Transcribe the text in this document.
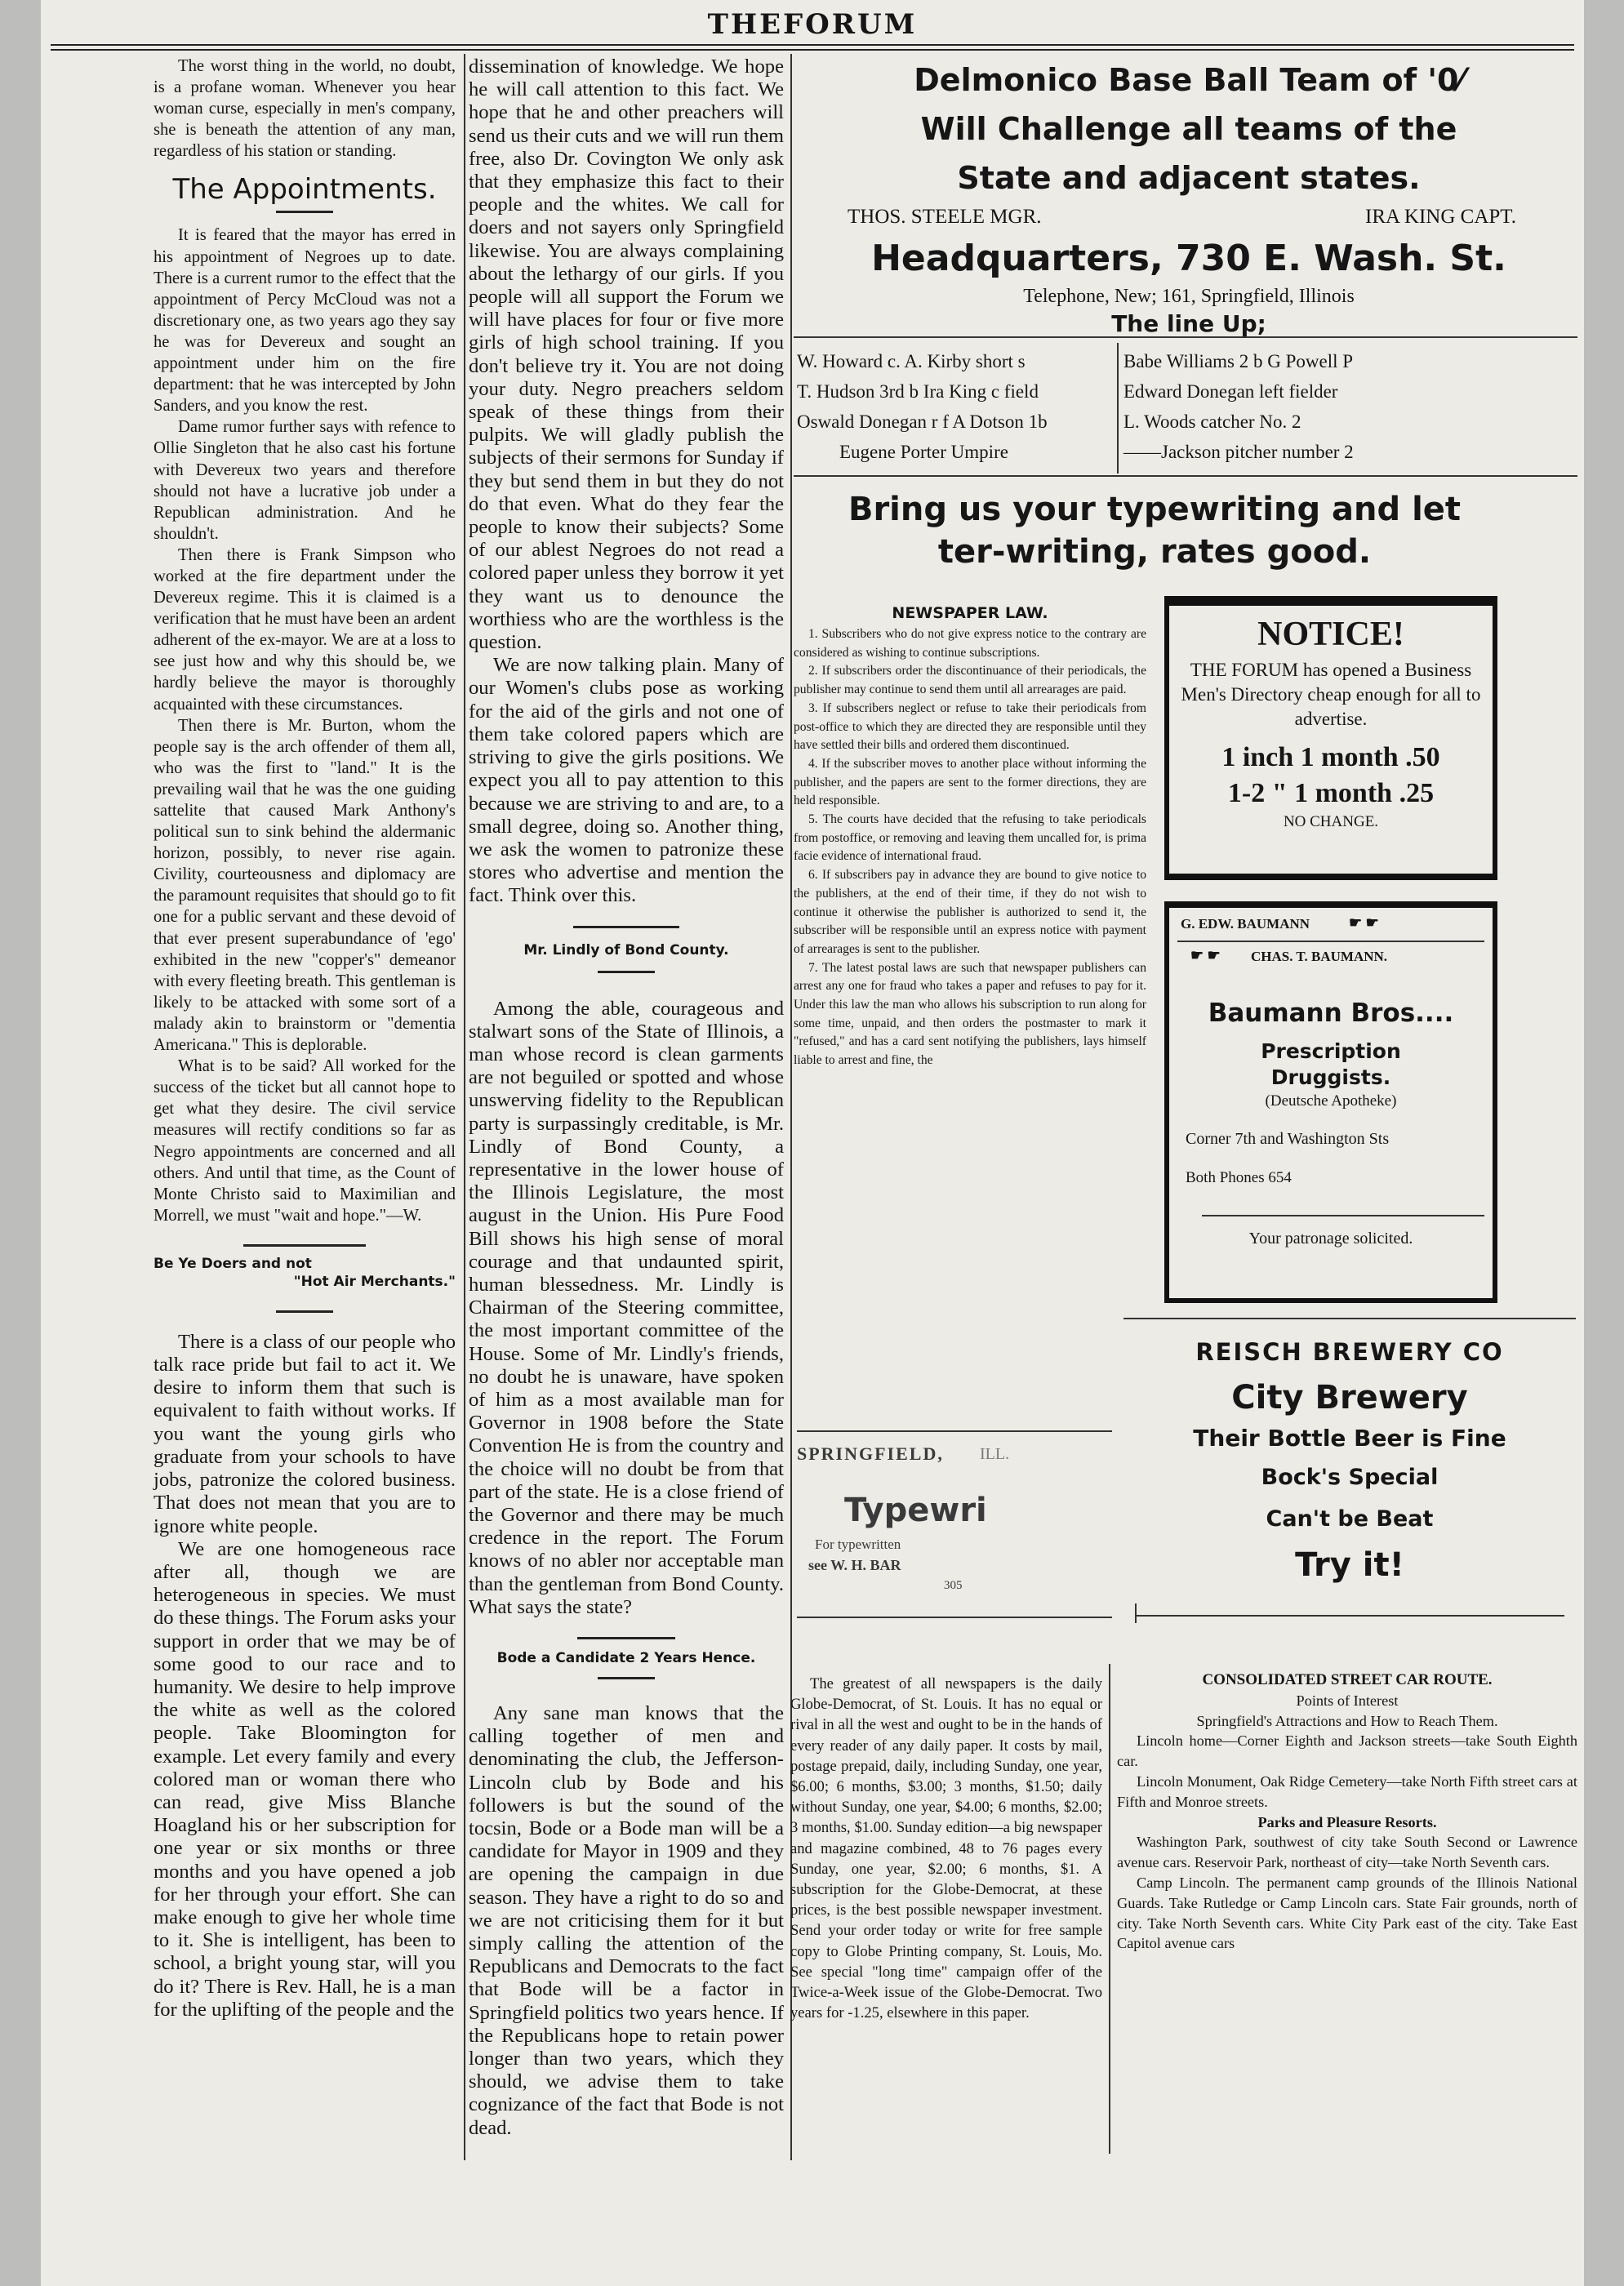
THEFORUM

The worst thing in the world, no doubt, is a profane woman. Whenever you hear woman curse, especially in men's company, she is beneath the attention of any man, regardless of his station or standing.

The Appointments.

It is feared that the mayor has erred in his appointment of Negroes up to date. There is a current rumor to the effect that the appointment of Percy McCloud was not a discretionary one, as two years ago they say he was for Devereux and sought an appointment under him on the fire department: that he was intercepted by John Sanders, and you know the rest.

Dame rumor further says with refence to Ollie Singleton that he also cast his fortune with Devereux two years and therefore should not have a lucrative job under a Republican administration. And he shouldn't.

Then there is Frank Simpson who worked at the fire department under the Devereux regime. This it is claimed is a verification that he must have been an ardent adherent of the ex-mayor. We are at a loss to see just how and why this should be, we hardly believe the mayor is thoroughly acquainted with these circumstances.

Then there is Mr. Burton, whom the people say is the arch offender of them all, who was the first to "land." It is the prevailing wail that he was the one guiding sattelite that caused Mark Anthony's political sun to sink behind the aldermanic horizon, possibly, to never rise again. Civility, courteousness and diplomacy are the paramount requisites that should go to fit one for a public servant and these devoid of that ever present superabundance of 'ego' exhibited in the new "copper's" demeanor with every fleeting breath. This gentleman is likely to be attacked with some sort of a malady akin to brainstorm or "dementia Americana." This is deplorable.

What is to be said? All worked for the success of the ticket but all cannot hope to get what they desire. The civil service measures will rectify conditions so far as Negro appointments are concerned and all others. And until that time, as the Count of Monte Christo said to Maximilian and Morrell, we must "wait and hope."—W.

Be Ye Doers and not
"Hot Air Merchants."

There is a class of our people who talk race pride but fail to act it. We desire to inform them that such is equivalent to faith without works. If you want the young girls who graduate from your schools to have jobs, patronize the colored business. That does not mean that you are to ignore white people.

We are one homogeneous race after all, though we are heterogeneous in species. We must do these things. The Forum asks your support in order that we may be of some good to our race and to humanity. We desire to help improve the white as well as the colored people. Take Bloomington for example. Let every family and every colored man or woman there who can read, give Miss Blanche Hoagland his or her subscription for one year or six months or three months and you have opened a job for her through your effort. She can make enough to give her whole time to it. She is intelligent, has been to school, a bright young star, will you do it? There is Rev. Hall, he is a man for the uplifting of the people and the

dissemination of knowledge. We hope he will call attention to this fact. We hope that he and other preachers will send us their cuts and we will run them free, also Dr. Covington We only ask that they emphasize this fact to their people and the whites. We call for doers and not sayers only Springfield likewise. You are always complaining about the lethargy of our girls. If you people will all support the Forum we will have places for four or five more girls of high school training. If you don't believe try it. You are not doing your duty. Negro preachers seldom speak of these things from their pulpits. We will gladly publish the subjects of their sermons for Sunday if they but send them in but they do not do that even. What do they fear the people to know their subjects? Some of our ablest Negroes do not read a colored paper unless they borrow it yet they want us to denounce the worthiess who are the worthless is the question.

We are now talking plain. Many of our Women's clubs pose as working for the aid of the girls and not one of them take colored papers which are striving to give the girls positions. We expect you all to pay attention to this because we are striving to and are, to a small degree, doing so. Another thing, we ask the women to patronize these stores who advertise and mention the fact. Think over this.

Mr. Lindly of Bond County.

Among the able, courageous and stalwart sons of the State of Illinois, a man whose record is clean garments are not beguiled or spotted and whose unswerving fidelity to the Republican party is surpassingly creditable, is Mr. Lindly of Bond County, a representative in the lower house of the Illinois Legislature, the most august in the Union. His Pure Food Bill shows his high sense of moral courage and that undaunted spirit, human blessedness. Mr. Lindly is Chairman of the Steering committee, the most important committee of the House. Some of Mr. Lindly's friends, no doubt he is unaware, have spoken of him as a most available man for Governor in 1908 before the State Convention He is from the country and the choice will no doubt be from that part of the state. He is a close friend of the Governor and there may be much credence in the report. The Forum knows of no abler nor acceptable man than the gentleman from Bond County. What says the state?

Bode a Candidate 2 Years Hence.

Any sane man knows that the calling together of men and denominating the club, the Jefferson-Lincoln club by Bode and his followers is but the sound of the tocsin, Bode or a Bode man will be a candidate for Mayor in 1909 and they are opening the campaign in due season. They have a right to do so and we are not criticising them for it but simply calling the attention of the Republicans and Democrats to the fact that Bode will be a factor in Springfield politics two years hence. If the Republicans hope to retain power longer than two years, which they should, we advise them to take cognizance of the fact that Bode is not dead.

Delmonico Base Ball Team of '0⁄
Will Challenge all teams of the
State and adjacent states.
THOS. STEELE MGR.	IRA KING CAPT.
Headquarters, 730 E. Wash. St.
Telephone, New; 161, Springfield, Illinois
The line Up;
W. Howard c. A. Kirby short s
T. Hudson 3rd b Ira King c field
Oswald Donegan r f A Dotson 1b
Eugene Porter Umpire
Babe Williams 2 b G Powell P
Edward Donegan left fielder
L. Woods catcher No. 2
——Jackson pitcher number 2
Bring us your typewriting and let
ter-writing, rates good.
NEWSPAPER LAW.

1. Subscribers who do not give express notice to the contrary are considered as wishing to continue subscriptions.

2. If subscribers order the discontinuance of their periodicals, the publisher may continue to send them until all arrearages are paid.

3. If subscribers neglect or refuse to take their periodicals from post-office to which they are directed they are responsible until they have settled their bills and ordered them discontinued.

4. If the subscriber moves to another place without informing the publisher, and the papers are sent to the former directions, they are held responsible.

5. The courts have decided that the refusing to take periodicals from postoffice, or removing and leaving them uncalled for, is prima facie evidence of international fraud.

6. If subscribers pay in advance they are bound to give notice to the publishers, at the end of their time, if they do not wish to continue it otherwise the publisher is authorized to send it, the subscriber will be responsible until an express notice with payment of arrearages is sent to the publisher.

7. The latest postal laws are such that newspaper publishers can arrest any one for fraud who takes a paper and refuses to pay for it. Under this law the man who allows his subscription to run along for some time, unpaid, and then orders the postmaster to mark it "refused," and has a card sent notifying the publishers, lays himself liable to arrest and fine, the

NOTICE!
THE FORUM has opened a Business Men's Directory cheap enough for all to advertise.
1 inch 1 month .50
1-2 " 1 month .25
NO CHANGE.
G. EDW. BAUMANN	☛ ☛
☛ ☛ CHAS. T. BAUMANN.
Baumann Bros....
Prescription
Druggists.
(Deutsche Apotheke)
Corner 7th and Washington Sts
Both Phones 654
Your patronage solicited.
SPRINGFIELD, ILL.
Typewri
For typewritten
see W. H. BAR
305
REISCH BREWERY CO
City Brewery
Their Bottle Beer is Fine
Bock's Special
Can't be Beat
Try it!

The greatest of all newspapers is the daily Globe-Democrat, of St. Louis. It has no equal or rival in all the west and ought to be in the hands of every reader of any daily paper. It costs by mail, postage prepaid, daily, including Sunday, one year, $6.00; 6 months, $3.00; 3 months, $1.50; daily without Sunday, one year, $4.00; 6 months, $2.00; 3 months, $1.00. Sunday edition—a big newspaper and magazine combined, 48 to 76 pages every Sunday, one year, $2.00; 6 months, $1. A subscription for the Globe-Democrat, at these prices, is the best possible newspaper investment. Send your order today or write for free sample copy to Globe Printing company, St. Louis, Mo. See special "long time" campaign offer of the Twice-a-Week issue of the Globe-Democrat. Two years for -1.25, elsewhere in this paper.

CONSOLIDATED STREET CAR ROUTE.
Points of Interest
Springfield's Attractions and How to Reach Them.

Lincoln home—Corner Eighth and Jackson streets—take South Eighth car.

Lincoln Monument, Oak Ridge Cemetery—take North Fifth street cars at Fifth and Monroe streets.

Parks and Pleasure Resorts.

Washington Park, southwest of city take South Second or Lawrence avenue cars. Reservoir Park, northeast of city—take North Seventh cars.

Camp Lincoln. The permanent camp grounds of the Illinois National Guards. Take Rutledge or Camp Lincoln cars. State Fair grounds, north of city. Take North Seventh cars. White City Park east of the city. Take East Capitol avenue cars
